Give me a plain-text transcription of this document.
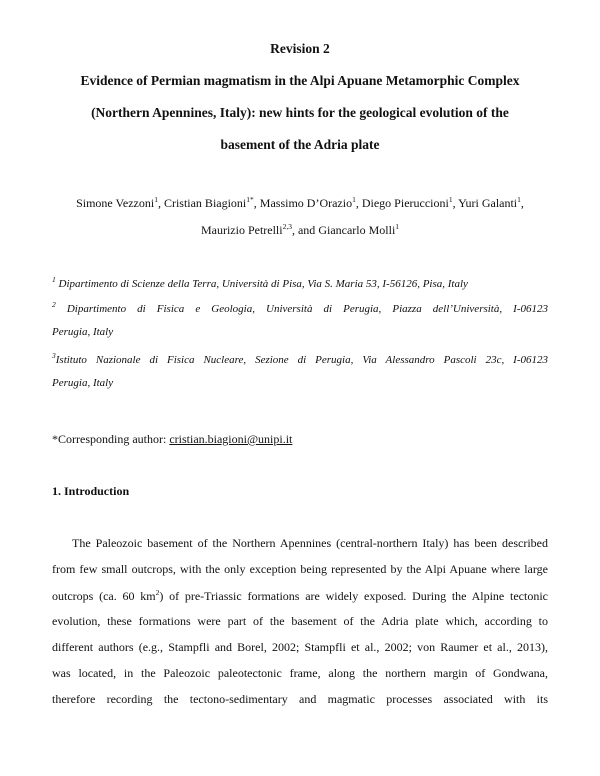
Revision 2
Evidence of Permian magmatism in the Alpi Apuane Metamorphic Complex
(Northern Apennines, Italy): new hints for the geological evolution of the
basement of the Adria plate
Simone Vezzoni$^1$, Cristian Biagioni$^{1*}$, Massimo D’Orazio$^1$, Diego Pieruccioni$^1$, Yuri Galanti$^1$,
Maurizio Petrelli$^{2,3}$, and Giancarlo Molli$^1$
$^1$ Dipartimento di Scienze della Terra, Università di Pisa, Via S. Maria 53, I-56126, Pisa, Italy
$^2$ Dipartimento di Fisica e Geologia, Università di Perugia, Piazza dell’Università, I-06123
Perugia, Italy
$^3$Istituto Nazionale di Fisica Nucleare, Sezione di Perugia, Via Alessandro Pascoli 23c, I-06123
Perugia, Italy
*Corresponding author: cristian.biagioni@unipi.it
1. Introduction
The Paleozoic basement of the Northern Apennines (central-northern Italy) has been described
from few small outcrops, with the only exception being represented by the Alpi Apuane where large
outcrops (ca. 60 $km^2$) of pre-Triassic formations are widely exposed. During the Alpine tectonic
evolution, these formations were part of the basement of the Adria plate which, according to
different authors (e.g., Stampfli and Borel, 2002; Stampfli et al., 2002; von Raumer et al., 2013),
was located, in the Paleozoic paleotectonic frame, along the northern margin of Gondwana,
therefore recording the tectono-sedimentary and magmatic processes associated with its
